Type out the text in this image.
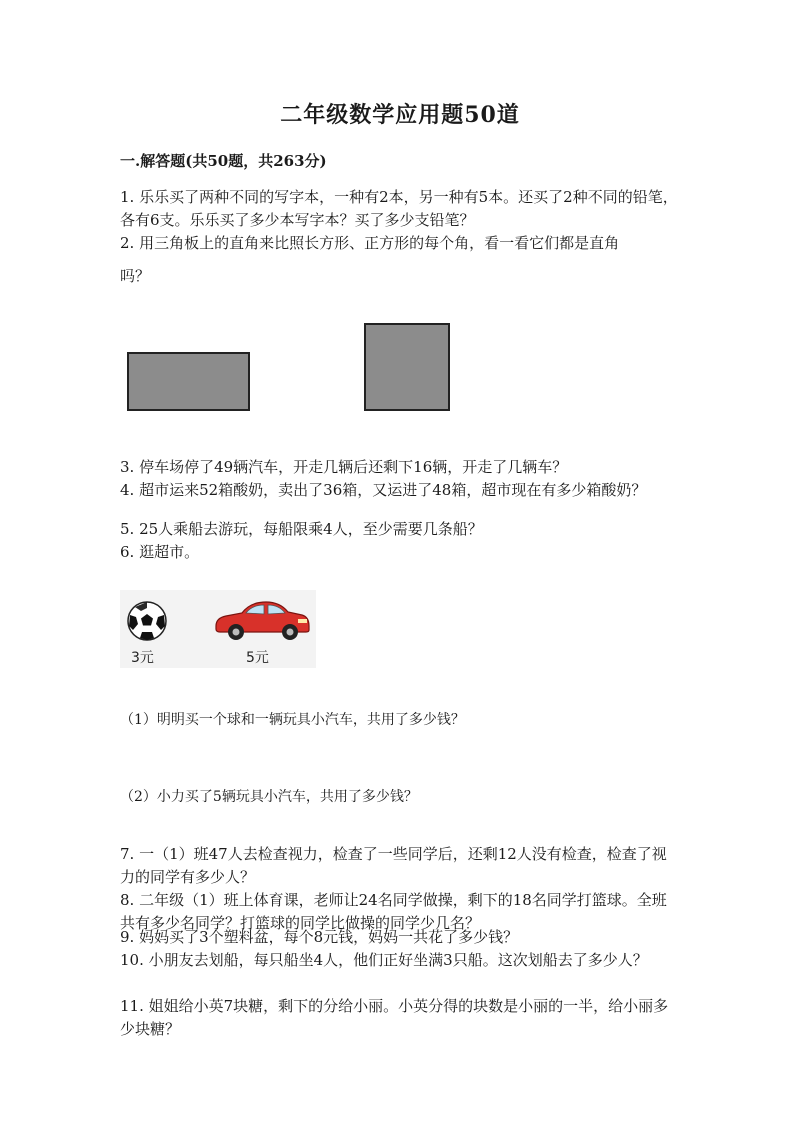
二年级数学应用题50道
一.解答题(共50题，共263分)

1. 乐乐买了两种不同的写字本，一种有2本，另一种有5本。还买了2种不同的铅笔，各有6支。乐乐买了多少本写字本？买了多少支铅笔？

2. 用三角板上的直角来比照长方形、正方形的每个角，看一看它们都是直角

吗？

3. 停车场停了49辆汽车，开走几辆后还剩下16辆，开走了几辆车？

4. 超市运来52箱酸奶，卖出了36箱，又运进了48箱，超市现在有多少箱酸奶？

5. 25人乘船去游玩，每船限乘4人，至少需要几条船？

6. 逛超市。

3元	5元
（1）明明买一个球和一辆玩具小汽车，共用了多少钱？
（2）小力买了5辆玩具小汽车，共用了多少钱？

7. 一（1）班47人去检查视力，检查了一些同学后，还剩12人没有检查，检查了视力的同学有多少人？

8. 二年级（1）班上体育课，老师让24名同学做操，剩下的18名同学打篮球。全班共有多少名同学？打篮球的同学比做操的同学少几名？

9. 妈妈买了3个塑料盆，每个8元钱，妈妈一共花了多少钱？

10. 小朋友去划船，每只船坐4人，他们正好坐满3只船。这次划船去了多少人？

11. 姐姐给小英7块糖，剩下的分给小丽。小英分得的块数是小丽的一半，给小丽多少块糖？
